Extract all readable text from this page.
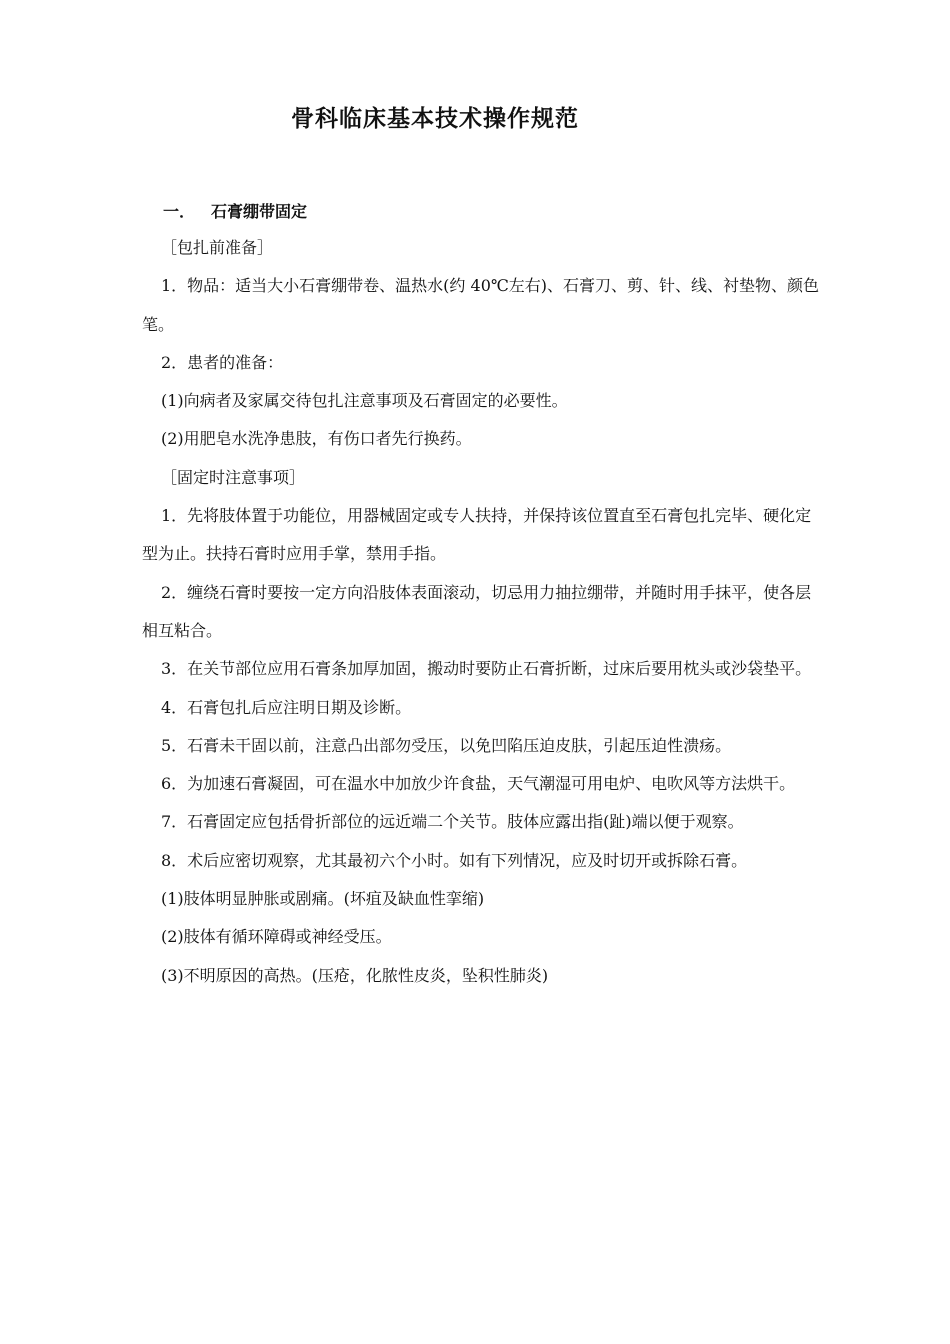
骨科临床基本技术操作规范
一． 石膏绷带固定

［包扎前准备］

1．物品：适当大小石膏绷带卷、温热水(约 40℃左右)、石膏刀、剪、针、线、衬垫物、颜色笔。

2．患者的准备：

(1)向病者及家属交待包扎注意事项及石膏固定的必要性。

(2)用肥皂水洗净患肢，有伤口者先行换药。

［固定时注意事项］

1．先将肢体置于功能位，用器械固定或专人扶持，并保持该位置直至石膏包扎完毕、硬化定型为止。扶持石膏时应用手掌，禁用手指。

2．缠绕石膏时要按一定方向沿肢体表面滚动，切忌用力抽拉绷带，并随时用手抹平，使各层相互粘合。

3．在关节部位应用石膏条加厚加固，搬动时要防止石膏折断，过床后要用枕头或沙袋垫平。

4．石膏包扎后应注明日期及诊断。

5．石膏未干固以前，注意凸出部勿受压，以免凹陷压迫皮肤，引起压迫性溃疡。

6．为加速石膏凝固，可在温水中加放少许食盐，天气潮湿可用电炉、电吹风等方法烘干。

7．石膏固定应包括骨折部位的远近端二个关节。肢体应露出指(趾)端以便于观察。

8．术后应密切观察，尤其最初六个小时。如有下列情况，应及时切开或拆除石膏。

(1)肢体明显肿胀或剧痛。(坏疽及缺血性挛缩)

(2)肢体有循环障碍或神经受压。

(3)不明原因的高热。(压疮，化脓性皮炎，坠积性肺炎)
